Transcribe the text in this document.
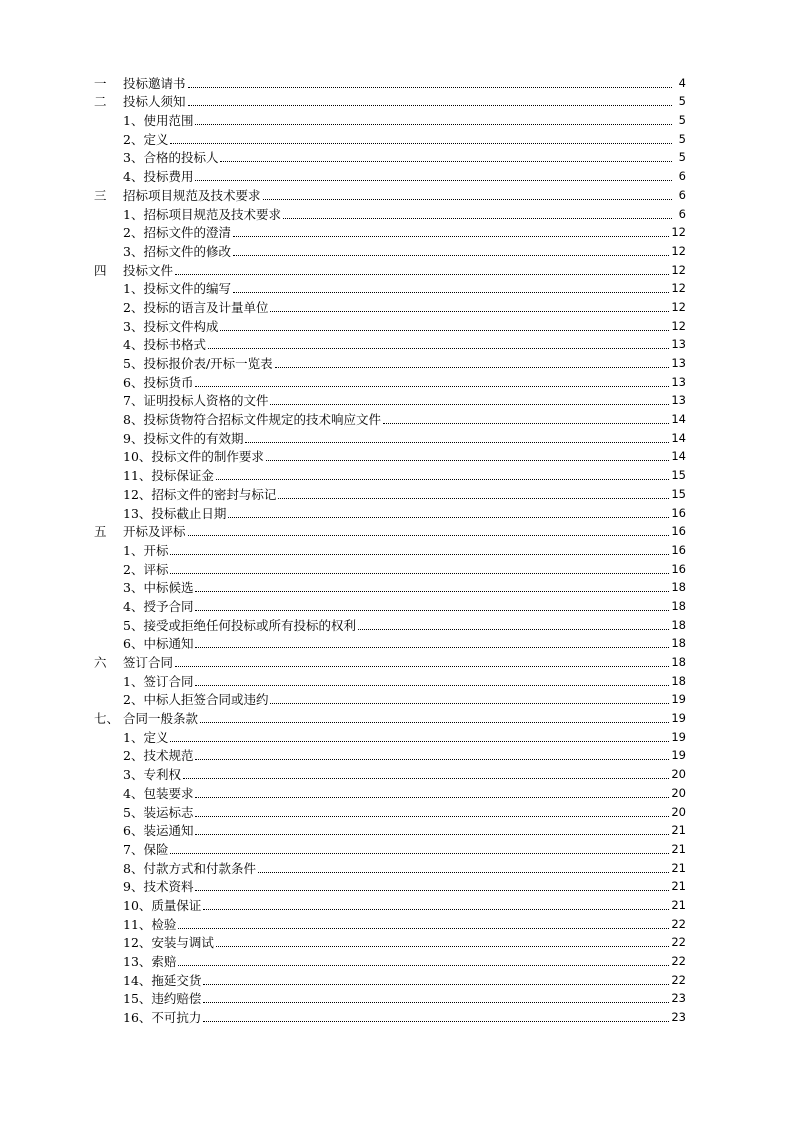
一	投标邀请书	4
二	投标人须知	5
1、 使用范围	5
2、 定义	5
3、 合格的投标人	5
4、 投标费用	6
三	招标项目规范及技术要求	6
1、 招标项目规范及技术要求	6
2、 招标文件的澄清	12
3、 招标文件的修改	12
四	投标文件	12
1、 投标文件的编写	12
2、 投标的语言及计量单位	12
3、 投标文件构成	12
4、 投标书格式	13
5、 投标报价表/开标一览表	13
6、 投标货币	13
7、 证明投标人资格的文件	13
8、 投标货物符合招标文件规定的技术响应文件	14
9、 投标文件的有效期	14
10、 投标文件的制作要求	14
11、 投标保证金	15
12、 招标文件的密封与标记	15
13、 投标截止日期	16
五	开标及评标	16
1、 开标	16
2、 评标	16
3、 中标候选	18
4、 授予合同	18
5、 接受或拒绝任何投标或所有投标的权利	18
6、 中标通知	18
六	签订合同	18
1、 签订合同	18
2、 中标人拒签合同或违约	19
七、 合同一般条款	19
1、 定义	19
2、 技术规范	19
3、 专利权	20
4、 包装要求	20
5、 装运标志	20
6、 装运通知	21
7、 保险	21
8、 付款方式和付款条件	21
9、 技术资料	21
10、 质量保证	21
11、 检验	22
12、 安装与调试	22
13、 索赔	22
14、 拖延交货	22
15、 违约赔偿	23
16、 不可抗力	23
